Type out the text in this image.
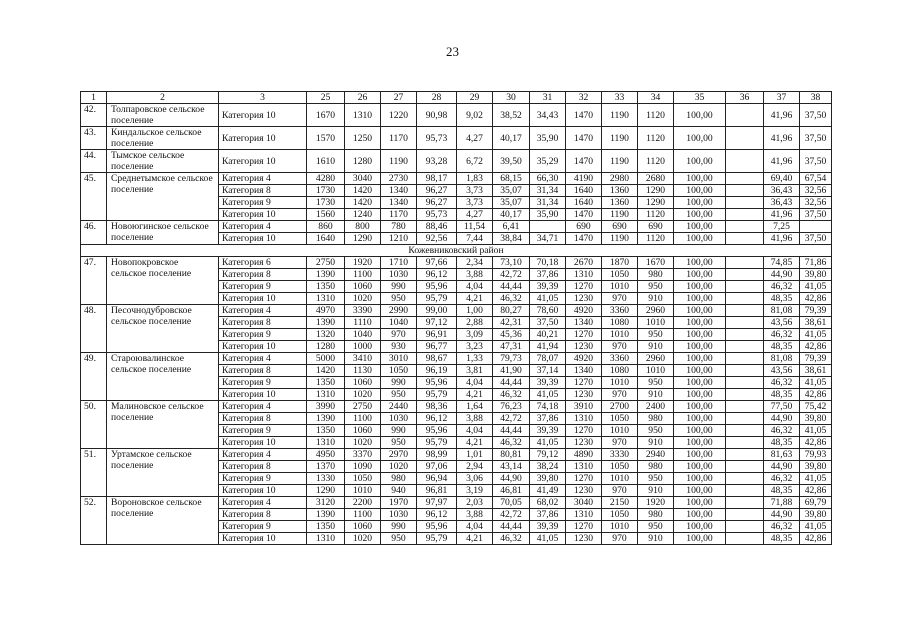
23
1	2	3	25	26	27	28	29	30	31	32	33	34	35	36	37	38
42.	Толпаровское сельское поселение	Категория 10	1670	1310	1220	90,98	9,02	38,52	34,43	1470	1190	1120	100,00		41,96	37,50
43.	Киндальское сельское поселение	Категория 10	1570	1250	1170	95,73	4,27	40,17	35,90	1470	1190	1120	100,00		41,96	37,50
44.	Тымское сельское поселение	Категория 10	1610	1280	1190	93,28	6,72	39,50	35,29	1470	1190	1120	100,00		41,96	37,50
45.	Среднетымское сельское поселение	Категория 4	4280	3040	2730	98,17	1,83	68,15	66,30	4190	2980	2680	100,00		69,40	67,54
		Категория 8	1730	1420	1340	96,27	3,73	35,07	31,34	1640	1360	1290	100,00		36,43	32,56
		Категория 9	1730	1420	1340	96,27	3,73	35,07	31,34	1640	1360	1290	100,00		36,43	32,56
		Категория 10	1560	1240	1170	95,73	4,27	40,17	35,90	1470	1190	1120	100,00		41,96	37,50
46.	Новоюгинское сельское поселение	Категория 4	860	800	780	88,46	11,54	6,41		690	690	690	100,00		7,25	
		Категория 10	1640	1290	1210	92,56	7,44	38,84	34,71	1470	1190	1120	100,00		41,96	37,50
Кожевниковский район																
47.	Новопокровское сельское поселение	Категория 6	2750	1920	1710	97,66	2,34	73,10	70,18	2670	1870	1670	100,00		74,85	71,86
		Категория 8	1390	1100	1030	96,12	3,88	42,72	37,86	1310	1050	980	100,00		44,90	39,80
		Категория 9	1350	1060	990	95,96	4,04	44,44	39,39	1270	1010	950	100,00		46,32	41,05
		Категория 10	1310	1020	950	95,79	4,21	46,32	41,05	1230	970	910	100,00		48,35	42,86
48.	Песочнодубровское сельское поселение	Категория 4	4970	3390	2990	99,00	1,00	80,27	78,60	4920	3360	2960	100,00		81,08	79,39
		Категория 8	1390	1110	1040	97,12	2,88	42,31	37,50	1340	1080	1010	100,00		43,56	38,61
		Категория 9	1320	1040	970	96,91	3,09	45,36	40,21	1270	1010	950	100,00		46,32	41,05
		Категория 10	1280	1000	930	96,77	3,23	47,31	41,94	1230	970	910	100,00		48,35	42,86
49.	Староювалинское сельское поселение	Категория 4	5000	3410	3010	98,67	1,33	79,73	78,07	4920	3360	2960	100,00		81,08	79,39
		Категория 8	1420	1130	1050	96,19	3,81	41,90	37,14	1340	1080	1010	100,00		43,56	38,61
		Категория 9	1350	1060	990	95,96	4,04	44,44	39,39	1270	1010	950	100,00		46,32	41,05
		Категория 10	1310	1020	950	95,79	4,21	46,32	41,05	1230	970	910	100,00		48,35	42,86
50.	Малиновское сельское поселение	Категория 4	3990	2750	2440	98,36	1,64	76,23	74,18	3910	2700	2400	100,00		77,50	75,42
		Категория 8	1390	1100	1030	96,12	3,88	42,72	37,86	1310	1050	980	100,00		44,90	39,80
		Категория 9	1350	1060	990	95,96	4,04	44,44	39,39	1270	1010	950	100,00		46,32	41,05
		Категория 10	1310	1020	950	95,79	4,21	46,32	41,05	1230	970	910	100,00		48,35	42,86
51.	Уртамское сельское поселение	Категория 4	4950	3370	2970	98,99	1,01	80,81	79,12	4890	3330	2940	100,00		81,63	79,93
		Категория 8	1370	1090	1020	97,06	2,94	43,14	38,24	1310	1050	980	100,00		44,90	39,80
		Категория 9	1330	1050	980	96,94	3,06	44,90	39,80	1270	1010	950	100,00		46,32	41,05
		Категория 10	1290	1010	940	96,81	3,19	46,81	41,49	1230	970	910	100,00		48,35	42,86
52.	Вороновское сельское поселение	Категория 4	3120	2200	1970	97,97	2,03	70,05	68,02	3040	2150	1920	100,00		71,88	69,79
		Категория 8	1390	1100	1030	96,12	3,88	42,72	37,86	1310	1050	980	100,00		44,90	39,80
		Категория 9	1350	1060	990	95,96	4,04	44,44	39,39	1270	1010	950	100,00		46,32	41,05
		Категория 10	1310	1020	950	95,79	4,21	46,32	41,05	1230	970	910	100,00		48,35	42,86
